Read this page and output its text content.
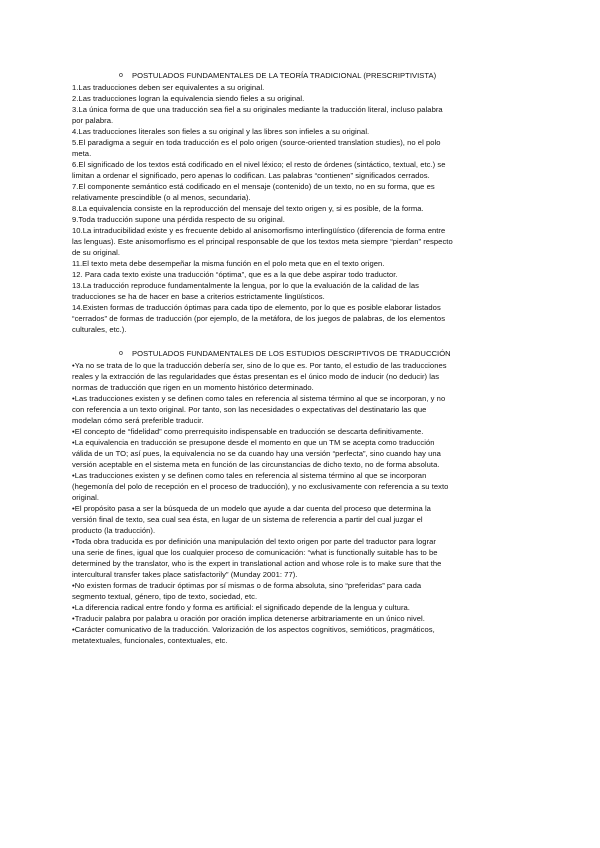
o POSTULADOS FUNDAMENTALES DE LA TEORÍA TRADICIONAL (PRESCRIPTIVISTA)

1.Las traducciones deben ser equivalentes a su original.

2.Las traducciones logran la equivalencia siendo fieles a su original.

3.La única forma de que una traducción sea fiel a su originales mediante la traducción literal, incluso palabra

por palabra.

4.Las traducciones literales son fieles a su original y las libres son infieles a su original.

5.El paradigma a seguir en toda traducción es el polo origen (source-oriented translation studies), no el polo

meta.

6.El significado de los textos está codificado en el nivel léxico; el resto de órdenes (sintáctico, textual, etc.) se

limitan a ordenar el significado, pero apenas lo codifican. Las palabras “contienen” significados cerrados.

7.El componente semántico está codificado en el mensaje (contenido) de un texto, no en su forma, que es

relativamente prescindible (o al menos, secundaria).

8.La equivalencia consiste en la reproducción del mensaje del texto origen y, si es posible, de la forma.

9.Toda traducción supone una pérdida respecto de su original.

10.La intraducibilidad existe y es frecuente debido al anisomorfismo interlingüístico (diferencia de forma entre

las lenguas). Este anisomorfismo es el principal responsable de que los textos meta siempre “pierdan” respecto

de su original.

11.El texto meta debe desempeñar la misma función en el polo meta que en el texto origen.

12. Para cada texto existe una traducción “óptima”, que es a la que debe aspirar todo traductor.

13.La traducción reproduce fundamentalmente la lengua, por lo que la evaluación de la calidad de las

traducciones se ha de hacer en base a criterios estrictamente lingüísticos.

14.Existen formas de traducción óptimas para cada tipo de elemento, por lo que es posible elaborar listados

“cerrados” de formas de traducción (por ejemplo, de la metáfora, de los juegos de palabras, de los elementos

culturales, etc.).

o POSTULADOS FUNDAMENTALES DE LOS ESTUDIOS DESCRIPTIVOS DE TRADUCCIÓN

•Ya no se trata de lo que la traducción debería ser, sino de lo que es. Por tanto, el estudio de las traducciones

reales y la extracción de las regularidades que éstas presentan es el único modo de inducir (no deducir) las

normas de traducción que rigen en un momento histórico determinado.

•Las traducciones existen y se definen como tales en referencia al sistema término al que se incorporan, y no

con referencia a un texto original. Por tanto, son las necesidades o expectativas del destinatario las que

modelan cómo será preferible traducir.

•El concepto de “fidelidad” como prerrequisito indispensable en traducción se descarta definitivamente.

•La equivalencia en traducción se presupone desde el momento en que un TM se acepta como traducción

válida de un TO; así pues, la equivalencia no se da cuando hay una versión “perfecta”, sino cuando hay una

versión aceptable en el sistema meta en función de las circunstancias de dicho texto, no de forma absoluta.

•Las traducciones existen y se definen como tales en referencia al sistema término al que se incorporan

(hegemonía del polo de recepción en el proceso de traducción), y no exclusivamente con referencia a su texto

original.

•El propósito pasa a ser la búsqueda de un modelo que ayude a dar cuenta del proceso que determina la

versión final de texto, sea cual sea ésta, en lugar de un sistema de referencia a partir del cual juzgar el

producto (la traducción).

•Toda obra traducida es por definición una manipulación del texto origen por parte del traductor para lograr

una serie de fines, igual que los cualquier proceso de comunicación: “what is functionally suitable has to be

determined by the translator, who is the expert in translational action and whose role is to make sure that the

intercultural transfer takes place satisfactorily” (Munday 2001: 77).

•No existen formas de traducir óptimas por sí mismas o de forma absoluta, sino “preferidas” para cada

segmento textual, género, tipo de texto, sociedad, etc.

•La diferencia radical entre fondo y forma es artificial: el significado depende de la lengua y cultura.

•Traducir palabra por palabra u oración por oración implica detenerse arbitrariamente en un único nivel.

•Carácter comunicativo de la traducción. Valorización de los aspectos cognitivos, semióticos, pragmáticos,

metatextuales, funcionales, contextuales, etc.
